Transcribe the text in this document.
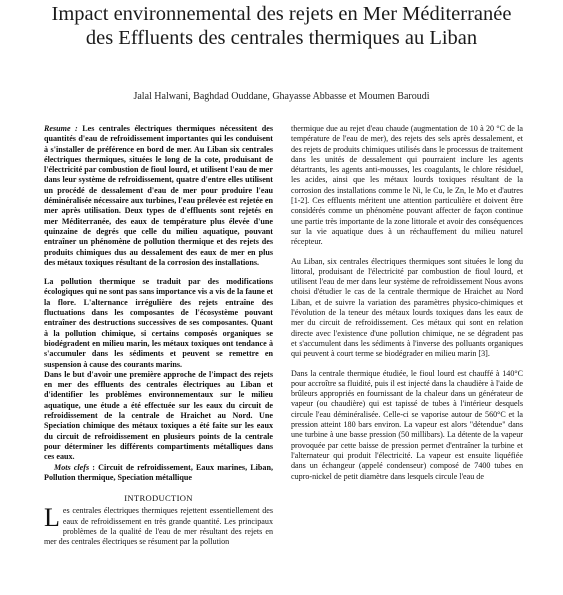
Impact environnemental des rejets en Mer Méditerranée des Effluents des centrales thermiques au Liban
Jalal Halwani, Baghdad Ouddane, Ghayasse Abbasse et Moumen Baroudi

Resume : Les centrales électriques thermiques nécessitent des quantités d'eau de refroidissement importantes qui les conduisent à s'installer de préférence en bord de mer. Au Liban six centrales électriques thermiques, situées le long de la cote, produisant de l'électricité par combustion de fioul lourd, et utilisent l'eau de mer dans leur système de refroidissement, quatre d'entre elles utilisent un procédé de dessalement d'eau de mer pour produire l'eau déminéralisée nécessaire aux turbines, l'eau prélevée est rejetée en mer après utilisation. Deux types de d'effluents sont rejetés en mer Méditerranée, des eaux de température plus élevée d'une quinzaine de degrés que celle du milieu aquatique, pouvant entraîner un phénomène de pollution thermique et des rejets des produits chimiques dus au dessalement des eaux de mer en plus des métaux toxiques résultant de la corrosion des installations.

La pollution thermique se traduit par des modifications écologiques qui ne sont pas sans importance vis a vis de la faune et la flore. L'alternance irrégulière des rejets entraîne des fluctuations dans les composantes de l'écosystème pouvant entraîner des destructions successives de ses composantes. Quant à la pollution chimique, si certains composés organiques se biodégradent en milieu marin, les métaux toxiques ont tendance à s'accumuler dans les sédiments et peuvent se remettre en suspension à cause des courants marins.

Dans le but d'avoir une première approche de l'impact des rejets en mer des effluents des centrales électriques au Liban et d'identifier les problèmes environnementaux sur le milieu aquatique, une étude a été effectuée sur les eaux du circuit de refroidissement de la centrale de Hraichet au Nord. Une Speciation chimique des métaux toxiques a été faite sur les eaux du circuit de refroidissement en plusieurs points de la centrale pour déterminer les différents compartiments métalliques dans ces eaux.

Mots clefs : Circuit de refroidissement, Eaux marines, Liban, Pollution thermique, Speciation métallique

INTRODUCTION
Les centrales électriques thermiques rejettent essentiellement des eaux de refroidissement en très grande quantité. Les principaux problèmes de la qualité de l'eau de mer résultant des rejets en mer des centrales électriques se résument par la pollution

thermique due au rejet d'eau chaude (augmentation de 10 à 20 °C de la température de l'eau de mer), des rejets des sels après dessalement, et des rejets de produits chimiques utilisés dans le processus de traitement dans les unités de dessalement qui pourraient inclure les agents détartrants, les agents anti-mousses, les coagulants, le chlore résiduel, les acides, ainsi que les métaux lourds toxiques résultant de la corrosion des installations comme le Ni, le Cu, le Zn, le Mo et d'autres [1-2]. Ces effluents méritent une attention particulière et doivent être considérés comme un phénomène pouvant affecter de façon continue une partie très importante de la zone littorale et avoir des conséquences sur la vie aquatique dues à un réchauffement du milieu naturel récepteur.

Au Liban, six centrales électriques thermiques sont situées le long du littoral, produisant de l'électricité par combustion de fioul lourd, et utilisent l'eau de mer dans leur système de refroidissement Nous avons choisi d'étudier le cas de la centrale thermique de Hraichet au Nord Liban, et de suivre la variation des paramètres physico-chimiques et l'évolution de la teneur des métaux lourds toxiques dans les eaux de mer du circuit de refroidissement. Ces métaux qui sont en relation directe avec l'existence d'une pollution chimique, ne se dégradent pas et s'accumulent dans les sédiments à l'inverse des polluants organiques qui peuvent à court terme se biodégrader en milieu marin [3].

Dans la centrale thermique étudiée, le fioul lourd est chauffé à 140°C pour accroître sa fluidité, puis il est injecté dans la chaudière à l'aide de brûleurs appropriés en fournissant de la chaleur dans un générateur de vapeur (ou chaudière) qui est tapissé de tubes à l'intérieur desquels circule l'eau déminéralisée. Celle-ci se vaporise autour de 560°C et la pression atteint 180 bars environ. La vapeur est alors "détendue" dans une turbine à une basse pression (50 millibars). La détente de la vapeur provoquée par cette baisse de pression permet d'entraîner la turbine et l'alternateur qui produit l'électricité. La vapeur est ensuite liquéfiée dans un échangeur (appelé condenseur) composé de 7400 tubes en cupro-nickel de petit diamètre dans lesquels circule l'eau de
